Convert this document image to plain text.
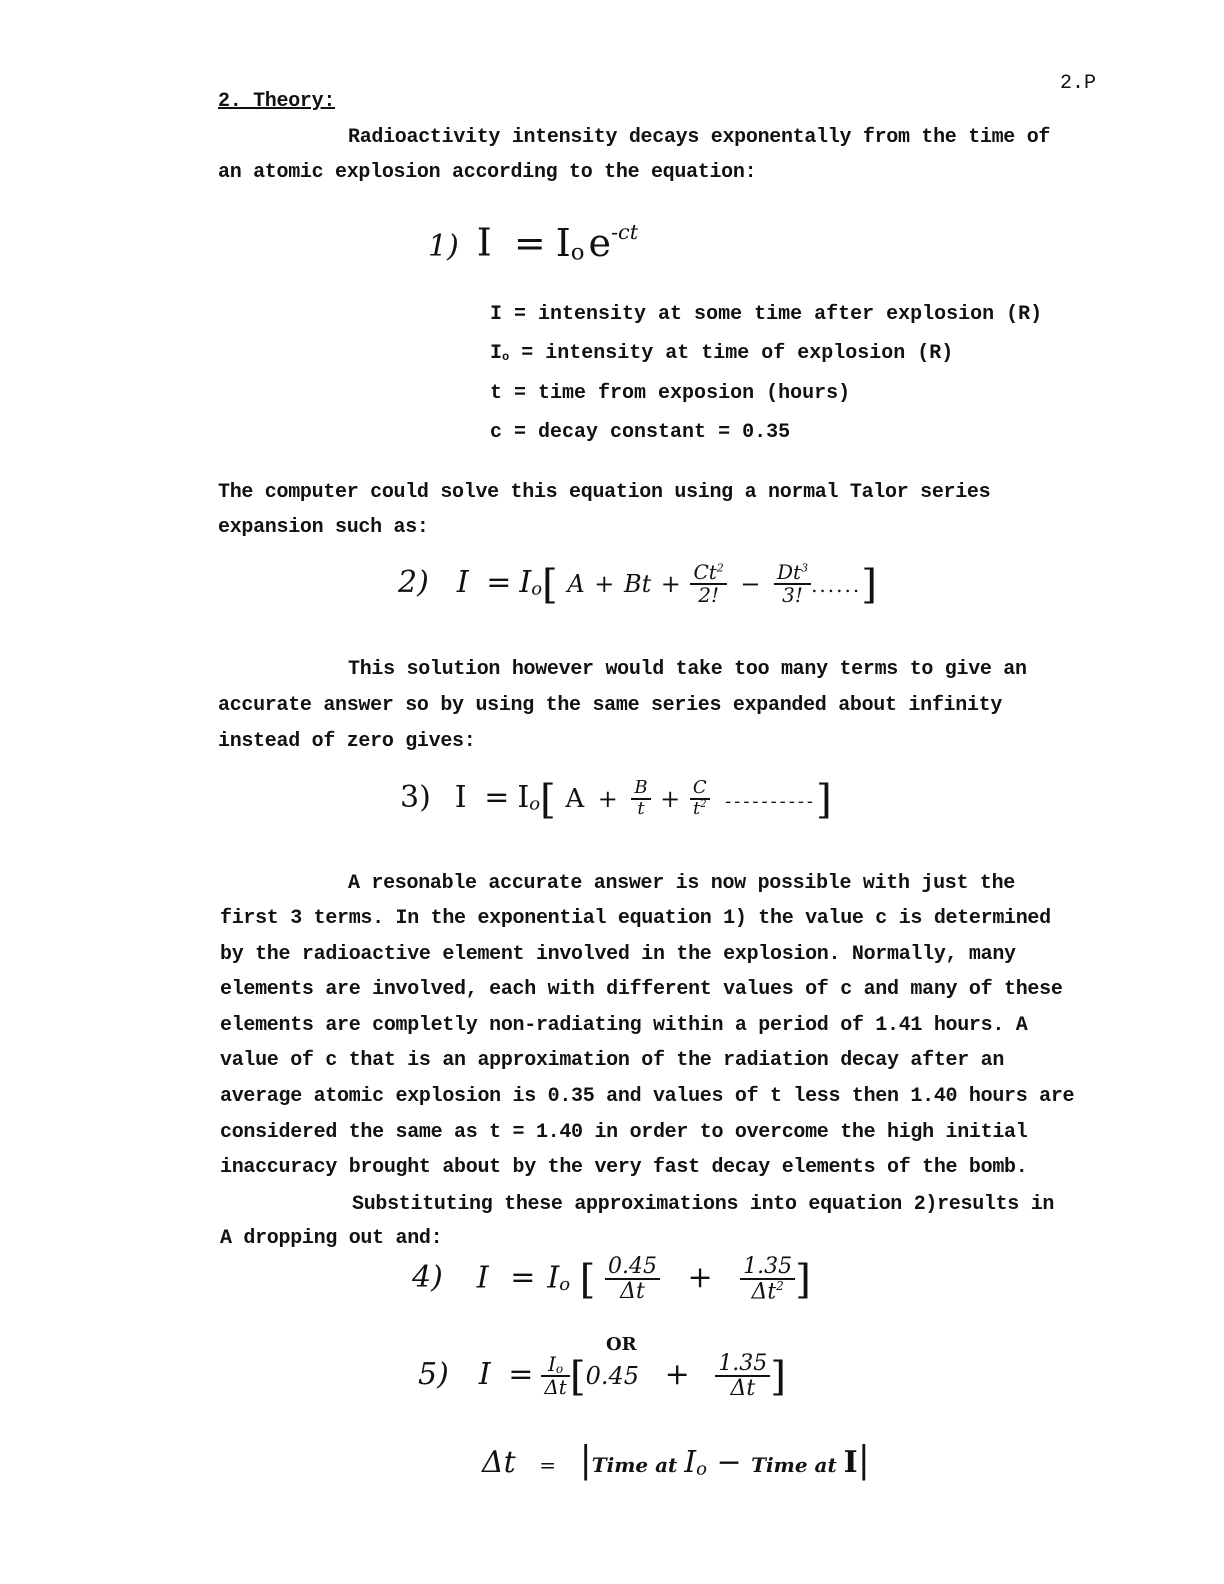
2.P
2. Theory:
Radioactivity intensity decays exponentally from the time of
an atomic explosion according to the equation:
1) $I = I_o$ $e^{-ct}$
I = intensity at some time after explosion (R)
$I_o$ = intensity at time of explosion (R)
t = time from exposion (hours)
c = decay constant = 0.35
The computer could solve this equation using a normal Talor series
expansion such as:
2) $I = I_o$[ $A + Bt + \frac{Ct^2}{2!} - \frac{Dt^3}{3!}$ ......]
This solution however would take too many terms to give an
accurate answer so by using the same series expanded about infinity
instead of zero gives:
3) $I = I_o$[ $A + \frac{B}{t} + \frac{C}{t^2}$ ----------]
A resonable accurate answer is now possible with just the
first 3 terms. In the exponential equation 1) the value c is determined
by the radioactive element involved in the explosion. Normally, many
elements are involved, each with different values of c and many of these
elements are completly non-radiating within a period of 1.41 hours. A
value of c that is an approximation of the radiation decay after an
average atomic explosion is 0.35 and values of t less then 1.40 hours are
considered the same as t = 1.40 in order to overcome the high initial
inaccuracy brought about by the very fast decay elements of the bomb.
Substituting these approximations into equation 2)results in
A dropping out and:
4) $I = I_o$ [ $\frac{0.45}{\Delta t} + \frac{1.35}{\Delta t^2}$ ]
OR
5) $I = \frac{I_o}{\Delta t} [0.45 + \frac{1.35}{\Delta t}$ ]
Δt = |Time at $I_o$ − Time at I|
